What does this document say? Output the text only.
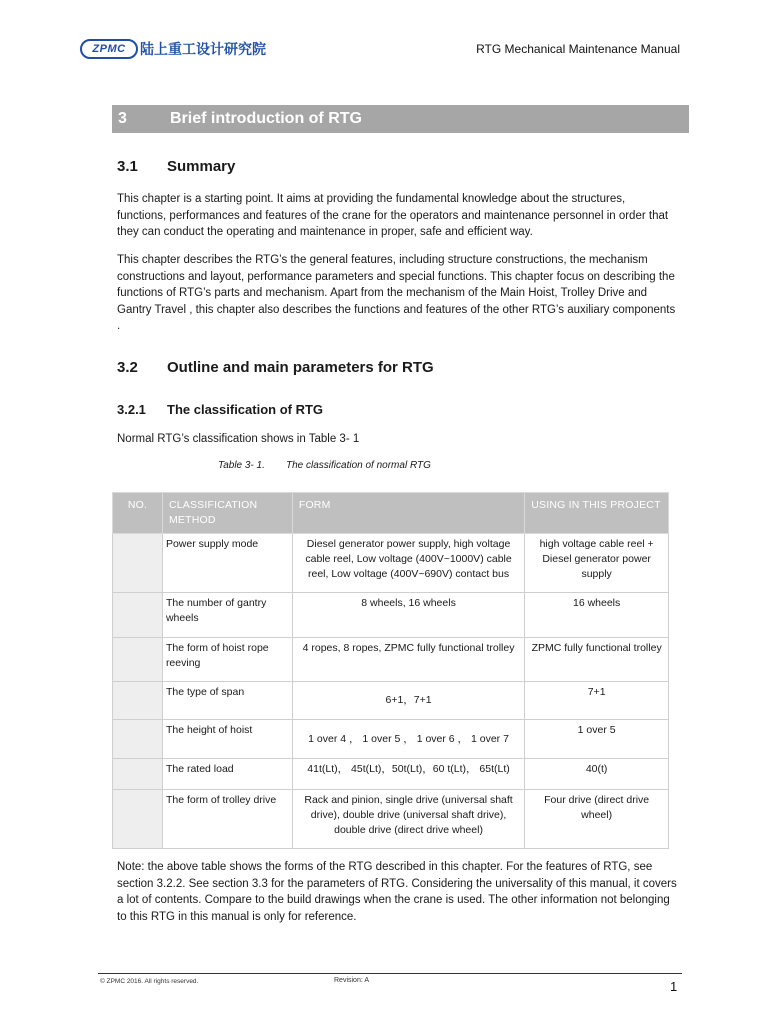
ZPMC	陆上重工设计研究院	RTG Mechanical Maintenance Manual
3	Brief introduction of RTG
3.1	Summary

This chapter is a starting point. It aims at providing the fundamental knowledge about the structures, functions, performances and features of the crane for the operators and maintenance personnel in order that they can conduct the operating and maintenance in proper, safe and efficient way.

This chapter describes the RTG’s the general features, including structure constructions, the mechanism constructions and layout, performance parameters and special functions. This chapter focus on describing the functions of RTG’s parts and mechanism. Apart from the mechanism of the Main Hoist, Trolley Drive and Gantry Travel , this chapter also describes the functions and features of the other RTG’s auxiliary components .

3.2	Outline and main parameters for RTG
3.2.1	The classification of RTG

Normal RTG’s classification shows in Table 3- 1

Table 3- 1.	The classification of normal RTG
NO.	CLASSIFICATION METHOD	FORM	USING IN THIS PROJECT
	Power supply mode	Diesel generator power supply, high voltage cable reel, Low voltage (400V~1000V) cable reel, Low voltage (400V~690V) contact bus	high voltage cable reel + Diesel generator power supply
	The number of gantry wheels	8 wheels, 16 wheels	16 wheels
	The form of hoist rope reeving	4 ropes, 8 ropes, ZPMC fully functional trolley	ZPMC fully functional trolley
	The type of span	6+1，7+1	7+1
	The height of hoist	1 over 4 ， 1 over 5 ， 1 over 6 ， 1 over 7	1 over 5
	The rated load	41t(Lt)， 45t(Lt)，50t(Lt)，60 t(Lt)， 65t(Lt)	40(t)
	The form of trolley drive	Rack and pinion, single drive (universal shaft drive), double drive (universal shaft drive), double drive (direct drive wheel)	Four drive (direct drive wheel)

Note: the above table shows the forms of the RTG described in this chapter. For the features of RTG, see section 3.2.2. See section 3.3 for the parameters of RTG. Considering the universality of this manual, it covers a lot of contents. Compare to the build drawings when the crane is used. The other information not belonging to this RTG in this manual is only for reference.

© ZPMC 2016. All rights reserved.	Revision: A	1
